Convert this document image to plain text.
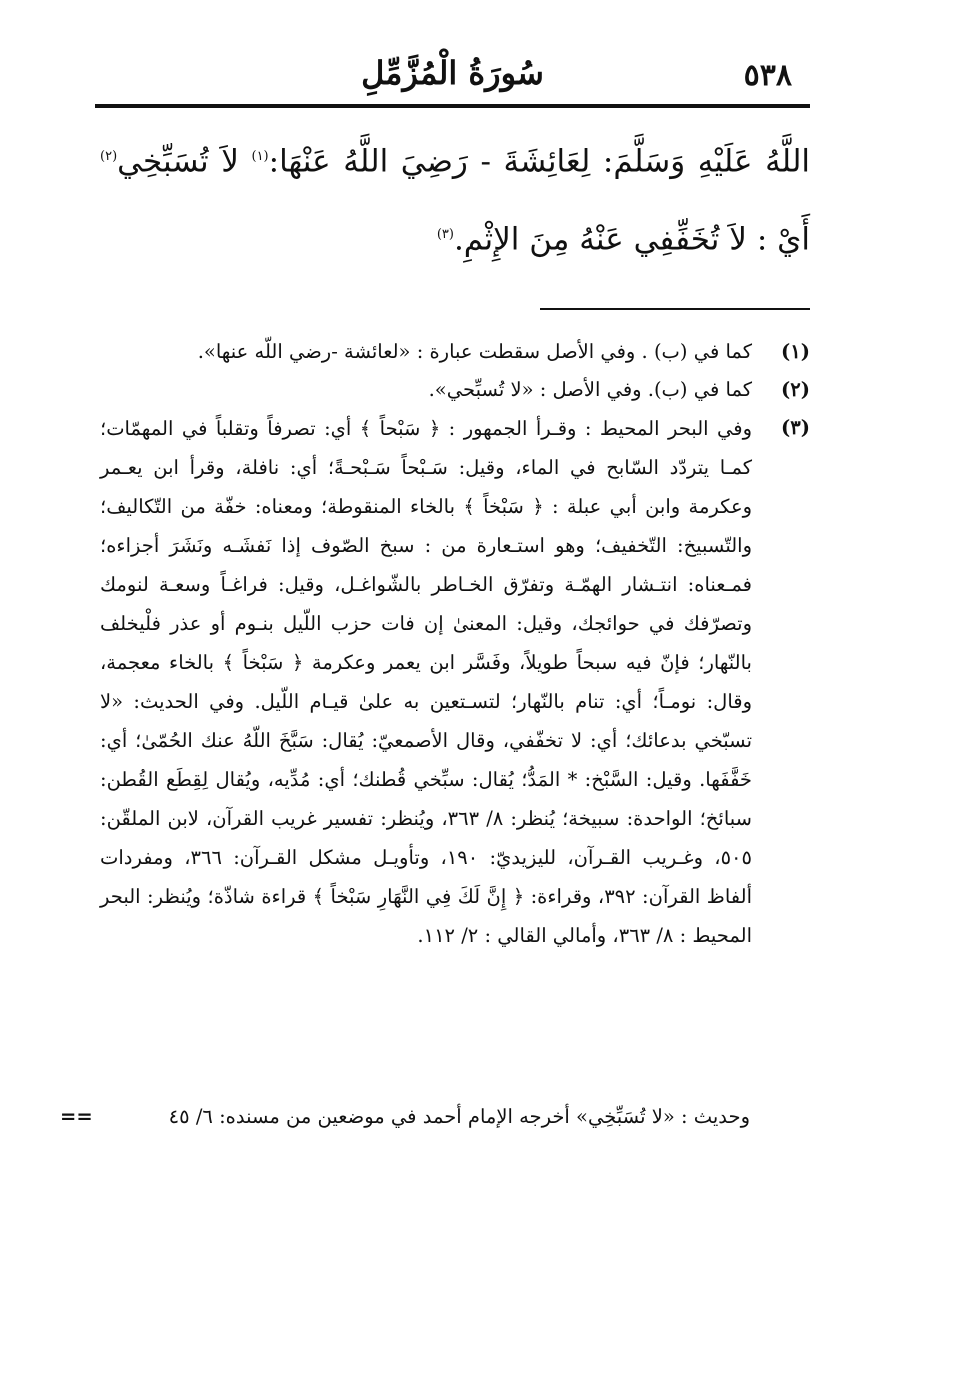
٥٣٨
سُورَةُ الْمُزَّمِّلِ
اللَّهُ عَلَيْهِ وَسَلَّمَ: لِعَائِشَةَ - رَضِيَ اللَّهُ عَنْهَا:$^{(١)}$ لاَ تُسَبِّخِي$^{(٢)}$ أَيْ : لاَ تُخَفِّفِي عَنْهُ مِنَ الإِثْمِ.$^{(٣)}$
(١)
كما في (ب) . وفي الأصل سقطت عبارة : «لعائشة -رضي اللّه عنها».
(٢)
كما في (ب). وفي الأصل : «لا تُسبِّحي».
(٣)
وفي البحر المحيط : وقـرأ الجمهور : ﴿ سَبْحاً ﴾ أي: تصرفاً وتقلباً في المهمّات؛ كمـا يتردّد السّابح في الماء، وقيل: سَـبْحاً سَـبْحـةً؛ أي: نافلة، وقرأ ابن يعـمر وعكرمة وابن أبي عبلة : ﴿ سَبْخاً ﴾ بالخاء المنقوطة؛ ومعناه: خفّة من التّكاليف؛ والتّسبيخ: التّخفيف؛ وهو استـعارة من : سبخ الصّوف إذا نَفشَـه ونَشَرَ أجزاءه؛ فمـعناه: انتـشار الهمّـة وتفرّق الخـاطر بالشّواغـل، وقيل: فراغـاً وسعـة لنومك وتصرّفك في حوائجك، وقيل: المعنىٰ إن فات حزب اللّيل بنـوم أو عذر فلْيخلف بالنّهار؛ فإنّ فيه سبحاً طويلاً، وفَسَّر ابن يعمر وعكرمة ﴿ سَبْخاً ﴾ بالخاء معجمة، وقال: نومـاً؛ أي: تنام بالنّهار؛ لتسـتعين به علىٰ قيـام اللّيل. وفي الحديث: «لا تسبّخي بدعائك؛ أي: لا تخفّفي، وقال الأصمعيّ: يُقال: سَبَّخَ اللّهُ عنك الحُمّىٰ؛ أي: خَفَّفَها. وقيل: السَّبْخ: * المَدُّ؛ يُقال: سبِّخي قُطنك؛ أي: مُدِّيه، ويُقال لِقِطَع القُطن: سبائخ؛ الواحدة: سبيخة؛ يُنظر: ٨/ ٣٦٣، ويُنظر: تفسير غريب القرآن، لابن الملقّن: ٥٠٥، وغـريب القـرآن، لليزيديّ: ١٩٠، وتأويـل مشكل القـرآن: ٣٦٦، ومفردات ألفاظ القرآن: ٣٩٢، وقراءة: ﴿ إِنَّ لَكَ فِي النَّهَارِ سَبْخاً ﴾ قراءة شاذّة؛ ويُنظر: البحر المحيط : ٨/ ٣٦٣، وأمالي القالي : ٢/ ١١٢.
وحديث : «لا تُسَبِّخِي» أخرجه الإمام أحمد في موضعين من مسنده: ٦/ ٤٥
==
